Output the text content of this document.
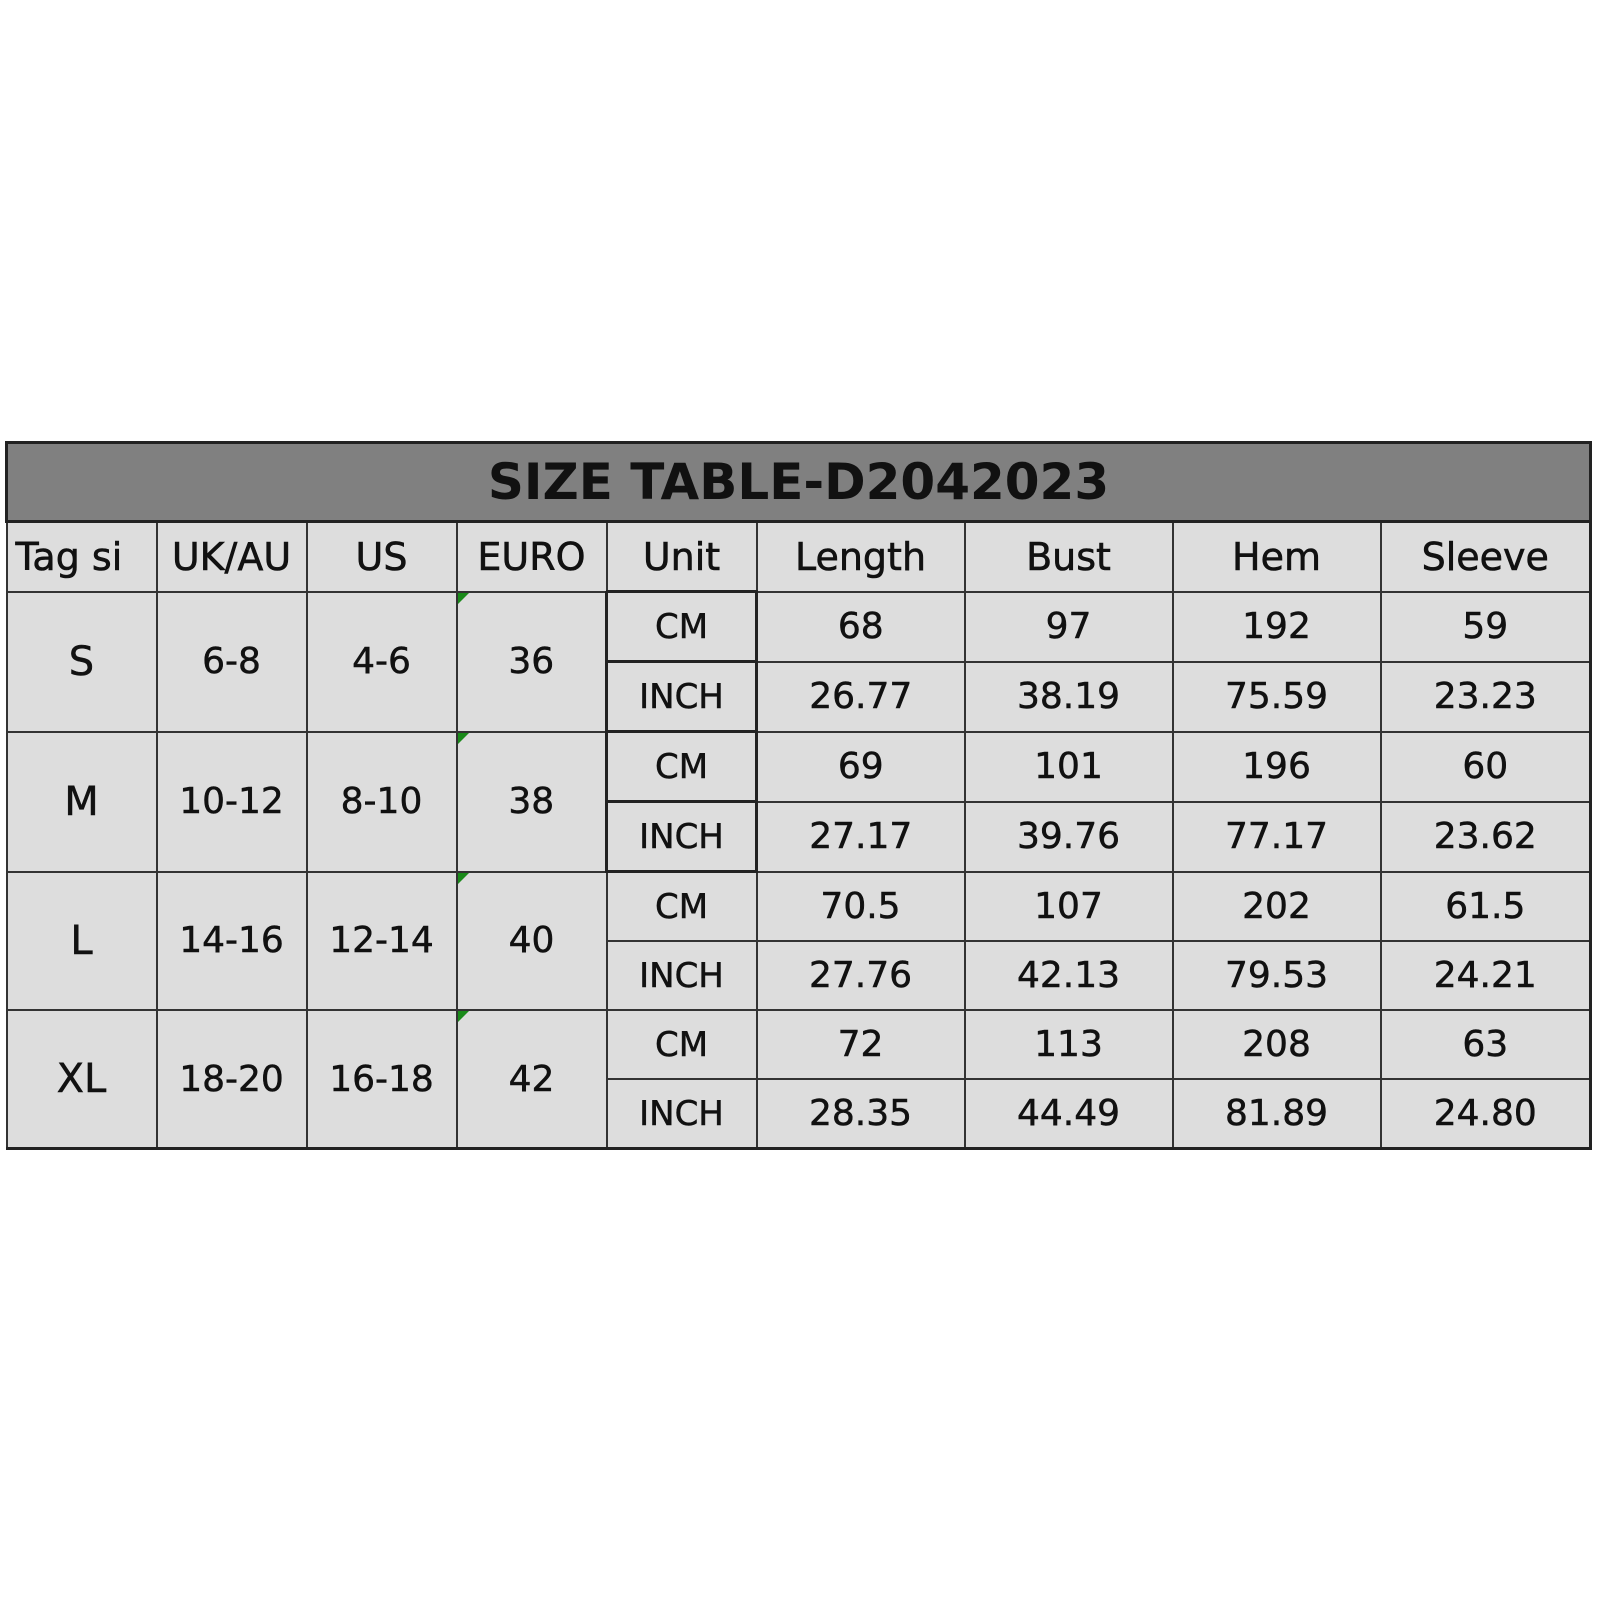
SIZE TABLE-D2042023								
Tag si	UK/AU	US	EURO	Unit	Length	Bust	Hem	Sleeve
S	6-8	4-6	36	CM	68	97	192	59
				INCH	26.77	38.19	75.59	23.23
M	10-12	8-10	38	CM	69	101	196	60
				INCH	27.17	39.76	77.17	23.62
L	14-16	12-14	40	CM	70.5	107	202	61.5
				INCH	27.76	42.13	79.53	24.21
XL	18-20	16-18	42	CM	72	113	208	63
				INCH	28.35	44.49	81.89	24.80
